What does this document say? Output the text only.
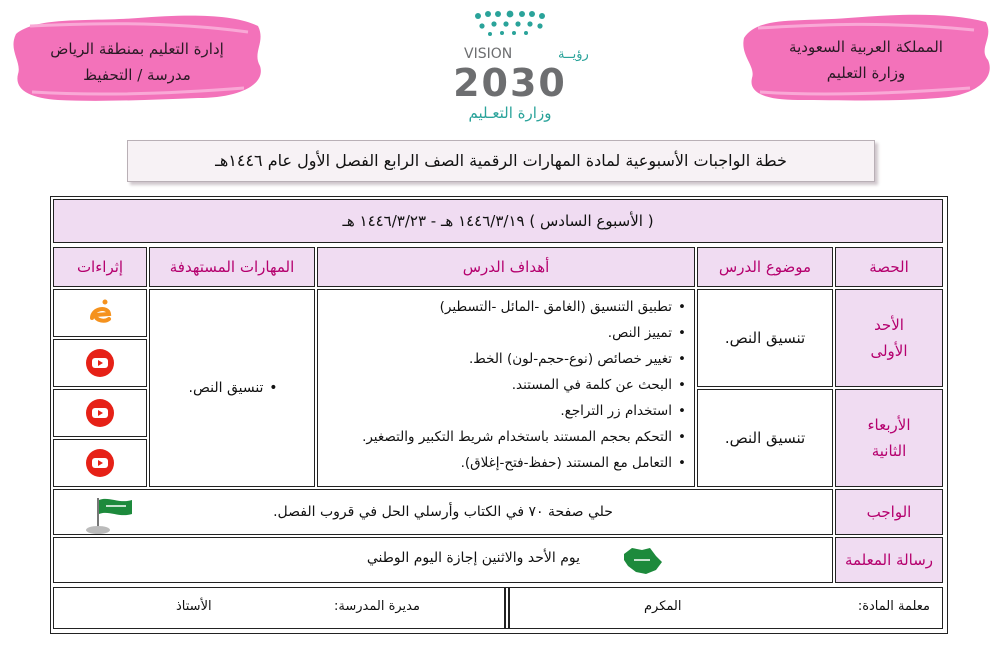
المملكة العربية السعودية
وزارة التعليم
إدارة التعليم بمنطقة الرياض
مدرسة / التحفيظ
VISION	رؤيــة
2030
وزارة التعـليم
خطة الواجبات الأسبوعية لمادة المهارات الرقمية الصف الرابع الفصل الأول عام ١٤٤٦هـ
( الأسبوع السادس ) ١٤٤٦/٣/١٩ هـ - ١٤٤٦/٣/٢٣ هـ
الحصة
موضوع الدرس
أهداف الدرس
المهارات المستهدفة
إثراءات
الأحد
الأولى
الأربعاء
الثانية
تنسيق النص.
تنسيق النص.
• تطبيق التنسيق (الغامق -المائل -التسطير)
• تمييز النص.
• تغيير خصائص (نوع-حجم-لون) الخط.
• البحث عن كلمة في المستند.
• استخدام زر التراجع.
• التحكم بحجم المستند باستخدام شريط التكبير والتصغير.
• التعامل مع المستند (حفظ-فتح-إغلاق).
• تنسيق النص.
الواجب
حلي صفحة ٧٠ في الكتاب وأرسلي الحل في قروب الفصل.
رسالة المعلمة
يوم الأحد والاثنين إجازة اليوم الوطني
معلمة المادة:
المكرم
مديرة المدرسة:
الأستاذ
